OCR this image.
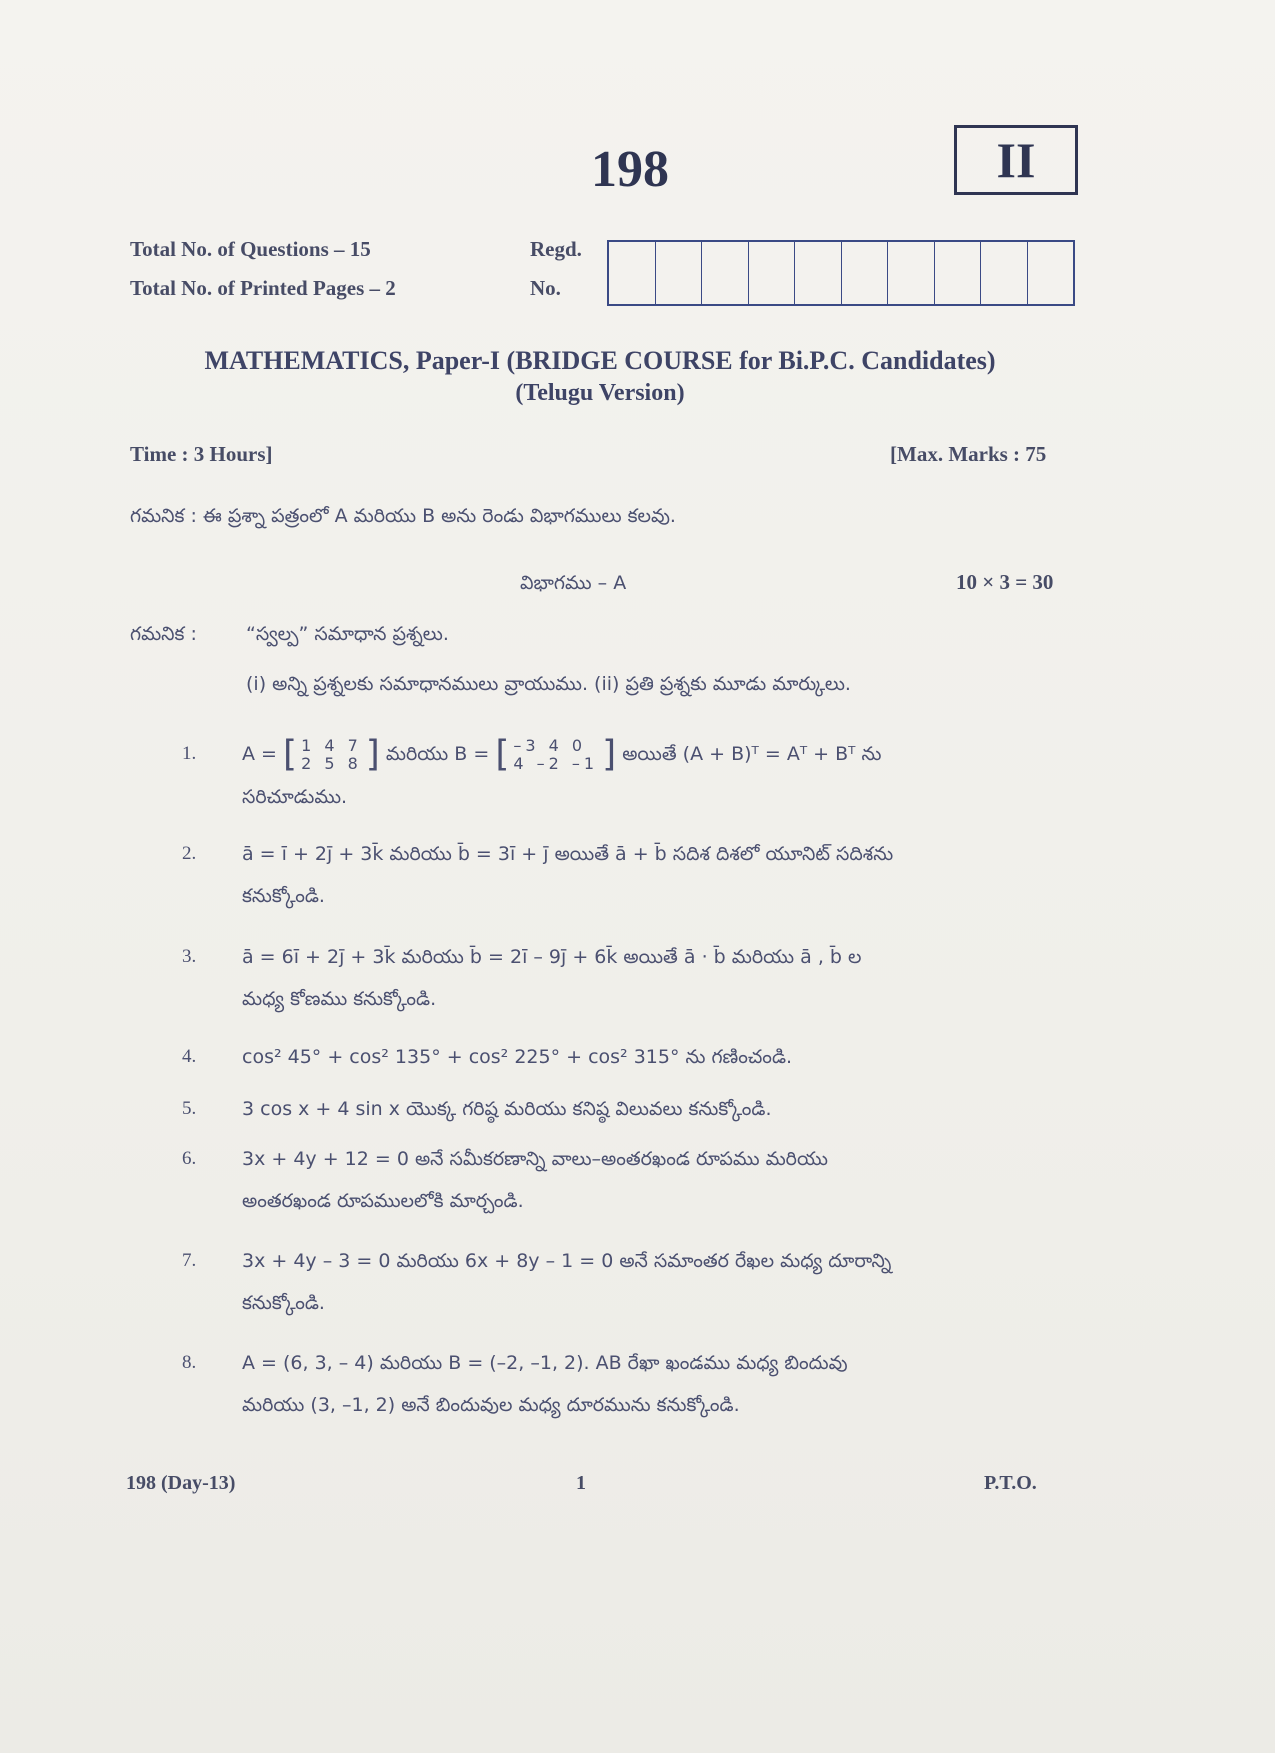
198	II
Total No. of Questions – 15
Total No. of Printed Pages – 2
Regd.
No.
MATHEMATICS, Paper-I (BRIDGE COURSE for Bi.P.C. Candidates)
(Telugu Version)
Time : 3 Hours]	[Max. Marks : 75
గమనిక : ఈ ప్రశ్నా పత్రంలో A మరియు B అను రెండు విభాగములు కలవు.
విభాగము – A	10 × 3 = 30
గమనిక :	“స్వల్ప” సమాధాన ప్రశ్నలు.
(i) అన్ని ప్రశ్నలకు సమాధానములు వ్రాయుము. (ii) ప్రతి ప్రశ్నకు మూడు మార్కులు.
1. A = [ 1 4 7
2 5 8 ] మరియు B = [ –3 4 0
4 –2 –1 ] అయితే (A + B)ᵀ = Aᵀ + Bᵀ ను
సరిచూడుము.
2. ā = ī + 2j̄ + 3k̄ మరియు b̄ = 3ī + j̄ అయితే ā + b̄ సదిశ దిశలో యూనిట్ సదిశను
కనుక్కోండి.
3. ā = 6ī + 2j̄ + 3k̄ మరియు b̄ = 2ī – 9j̄ + 6k̄ అయితే ā · b̄ మరియు ā , b̄ ల
మధ్య కోణము కనుక్కోండి.
4. cos² 45° + cos² 135° + cos² 225° + cos² 315° ను గణించండి.
5. 3 cos x + 4 sin x యొక్క గరిష్ఠ మరియు కనిష్ఠ విలువలు కనుక్కోండి.
6. 3x + 4y + 12 = 0 అనే సమీకరణాన్ని వాలు–అంతరఖండ రూపము మరియు
అంతరఖండ రూపములలోకి మార్చండి.
7. 3x + 4y – 3 = 0 మరియు 6x + 8y – 1 = 0 అనే సమాంతర రేఖల మధ్య దూరాన్ని
కనుక్కోండి.
8. A = (6, 3, – 4) మరియు B = (–2, –1, 2). AB రేఖా ఖండము మధ్య బిందువు
మరియు (3, –1, 2) అనే బిందువుల మధ్య దూరమును కనుక్కోండి.
198 (Day-13)	1	P.T.O.
